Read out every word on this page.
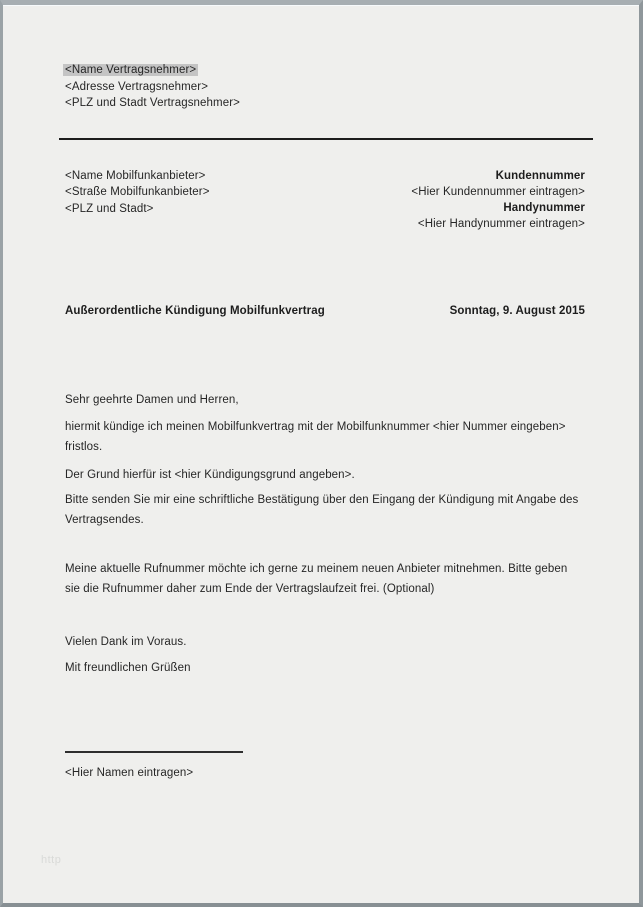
<Name Vertragsnehmer>

<Adresse Vertragsnehmer>

<PLZ und Stadt Vertragsnehmer>

<Name Mobilfunkanbieter>

<Straße Mobilfunkanbieter>

<PLZ und Stadt>

Kundennummer

<Hier Kundennummer eintragen>

Handynummer

<Hier Handynummer eintragen>

Außerordentliche Kündigung Mobilfunkvertrag	Sonntag, 9. August 2015

Sehr geehrte Damen und Herren,

hiermit kündige ich meinen Mobilfunkvertrag mit der Mobilfunknummer <hier Nummer eingeben> fristlos.

Der Grund hierfür ist <hier Kündigungsgrund angeben>.

Bitte senden Sie mir eine schriftliche Bestätigung über den Eingang der Kündigung mit Angabe des Vertragsendes.

Meine aktuelle Rufnummer möchte ich gerne zu meinem neuen Anbieter mitnehmen. Bitte geben sie die Rufnummer daher zum Ende der Vertragslaufzeit frei. (Optional)

Vielen Dank im Voraus.

Mit freundlichen Grüßen

<Hier Namen eintragen>

http
